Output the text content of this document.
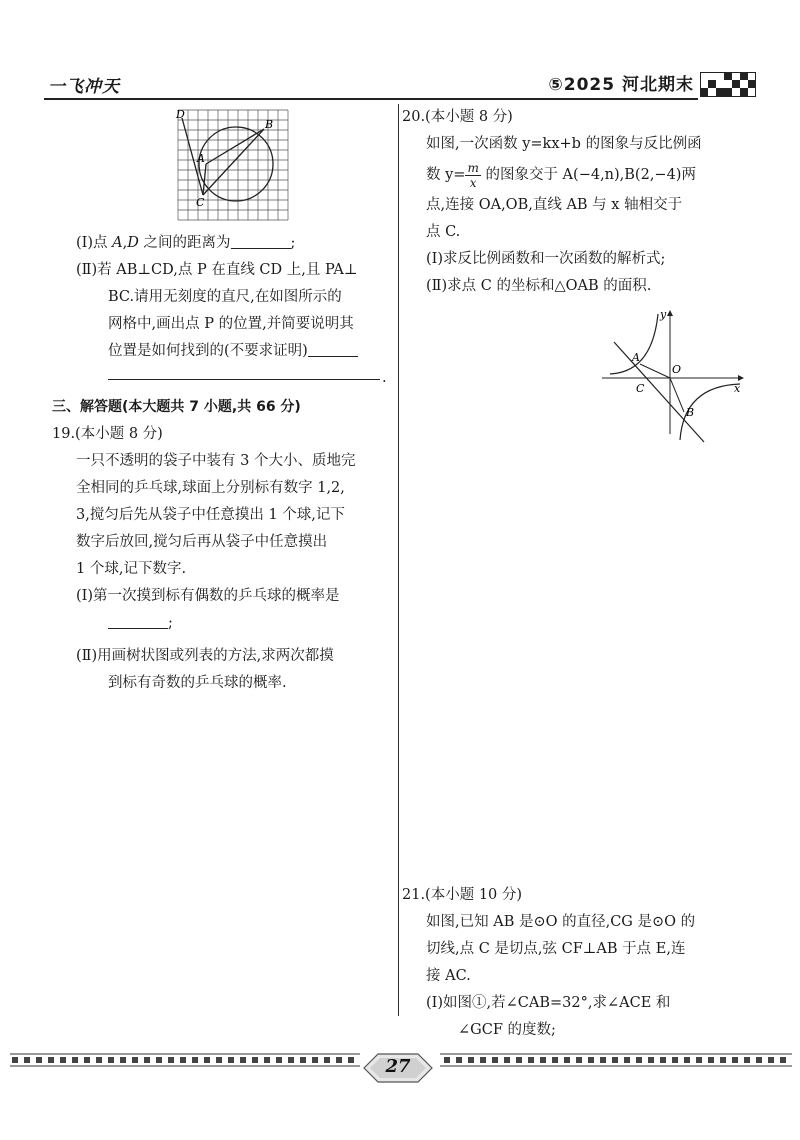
一飞冲天	⑤2025 河北期末
D
A
B
C

(Ⅰ)点 A,D 之间的距离为	;

(Ⅱ)若 AB⊥CD,点 P 在直线 CD 上,且 PA⊥
BC.请用无刻度的直尺,在如图所示的
网格中,画出点 P 的位置,并简要说明其
位置是如何找到的(不要求证明)

.

三、解答题(本大题共 7 小题,共 66 分)

19.(本小题 8 分)

一只不透明的袋子中装有 3 个大小、质地完
全相同的乒乓球,球面上分别标有数字 1,2,
3,搅匀后先从袋子中任意摸出 1 个球,记下
数字后放回,搅匀后再从袋子中任意摸出
1 个球,记下数字.

(Ⅰ)第一次摸到标有偶数的乒乓球的概率是
;

(Ⅱ)用画树状图或列表的方法,求两次都摸
到标有奇数的乒乓球的概率.

20.(本小题 8 分)

如图,一次函数 y=kx+b 的图象与反比例函
数 $y= \frac{m}{x}$ 的图象交于 A(−4,n),B(2,−4)两
点,连接 OA,OB,直线 AB 与 x 轴相交于
点 C.

(Ⅰ)求反比例函数和一次函数的解析式;

(Ⅱ)求点 C 的坐标和△OAB 的面积.

y
x
O
A
C
B

21.(本小题 10 分)

如图,已知 AB 是⊙O 的直径,CG 是⊙O 的
切线,点 C 是切点,弦 CF⊥AB 于点 E,连
接 AC.

(Ⅰ)如图①,若∠CAB=32°,求∠ACE 和
∠GCF 的度数;

27
